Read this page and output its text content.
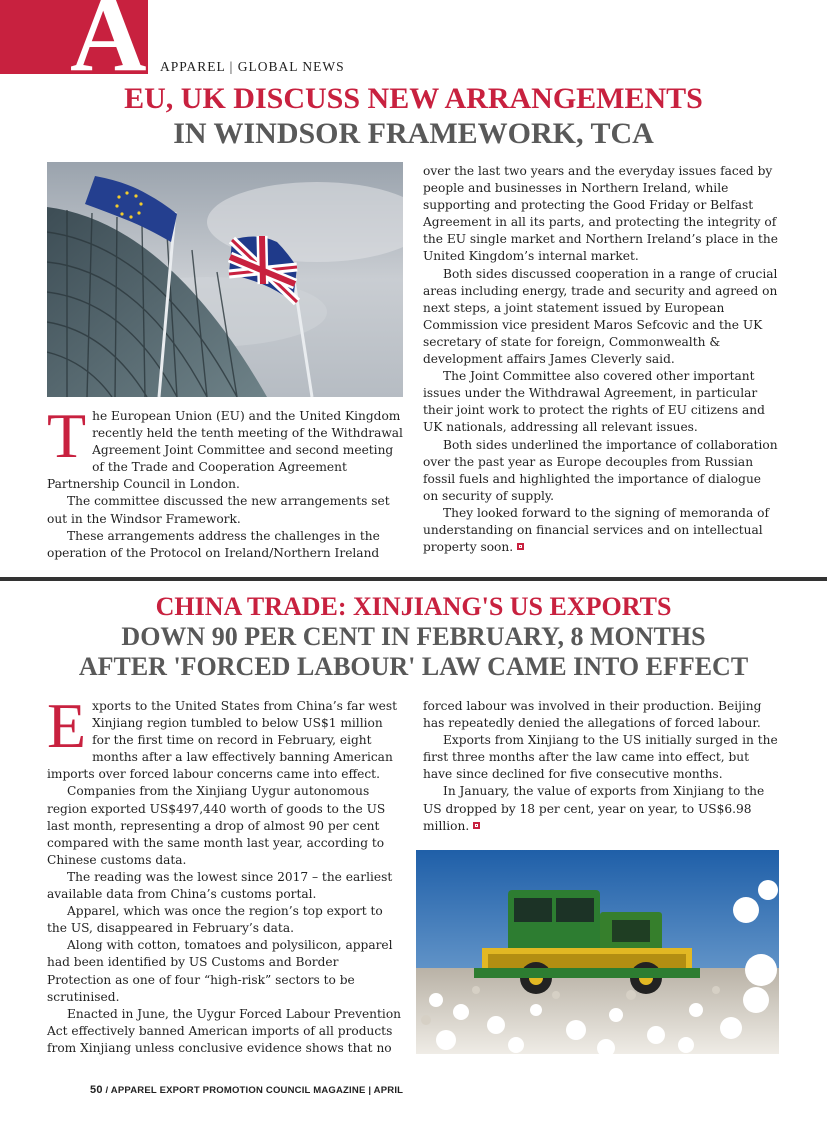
A APPAREL | GLOBAL NEWS
EU, UK DISCUSS NEW ARRANGEMENTS
IN WINDSOR FRAMEWORK, TCA
T he European Union (EU) and the United Kingdom recently held the tenth meeting of the Withdrawal Agreement Joint Committee and second meeting of the Trade and Cooperation Agreement Partnership Council in London.

The committee discussed the new arrangements set out in the Windsor Framework.

These arrangements address the challenges in the operation of the Protocol on Ireland/Northern Ireland

over the last two years and the everyday issues faced by people and businesses in Northern Ireland, while supporting and protecting the Good Friday or Belfast Agreement in all its parts, and protecting the integrity of the EU single market and Northern Ireland’s place in the United Kingdom’s internal market.

Both sides discussed cooperation in a range of crucial areas including energy, trade and security and agreed on next steps, a joint statement issued by European Commission vice president Maros Sefcovic and the UK secretary of state for foreign, Commonwealth & development affairs James Cleverly said.

The Joint Committee also covered other important issues under the Withdrawal Agreement, in particular their joint work to protect the rights of EU citizens and UK nationals, addressing all relevant issues.

Both sides underlined the importance of collaboration over the past year as Europe decouples from Russian fossil fuels and highlighted the importance of dialogue on security of supply.

They looked forward to the signing of memoranda of understanding on financial services and on intellectual property soon.

CHINA TRADE: XINJIANG'S US EXPORTS
DOWN 90 PER CENT IN FEBRUARY, 8 MONTHS
AFTER 'FORCED LABOUR' LAW CAME INTO EFFECT
E xports to the United States from China’s far west Xinjiang region tumbled to below US$1 million for the first time on record in February, eight months after a law effectively banning American imports over forced labour concerns came into effect.

Companies from the Xinjiang Uygur autonomous region exported US$497,440 worth of goods to the US last month, representing a drop of almost 90 per cent compared with the same month last year, according to Chinese customs data.

The reading was the lowest since 2017 – the earliest available data from China’s customs portal.

Apparel, which was once the region’s top export to the US, disappeared in February’s data.

Along with cotton, tomatoes and polysilicon, apparel had been identified by US Customs and Border Protection as one of four “high-risk” sectors to be scrutinised.

Enacted in June, the Uygur Forced Labour Prevention Act effectively banned American imports of all products from Xinjiang unless conclusive evidence shows that no

forced labour was involved in their production. Beijing has repeatedly denied the allegations of forced labour.

Exports from Xinjiang to the US initially surged in the first three months after the law came into effect, but have since declined for five consecutive months.

In January, the value of exports from Xinjiang to the US dropped by 18 per cent, year on year, to US$6.98 million.

50 / APPAREL EXPORT PROMOTION COUNCIL MAGAZINE | APRIL
